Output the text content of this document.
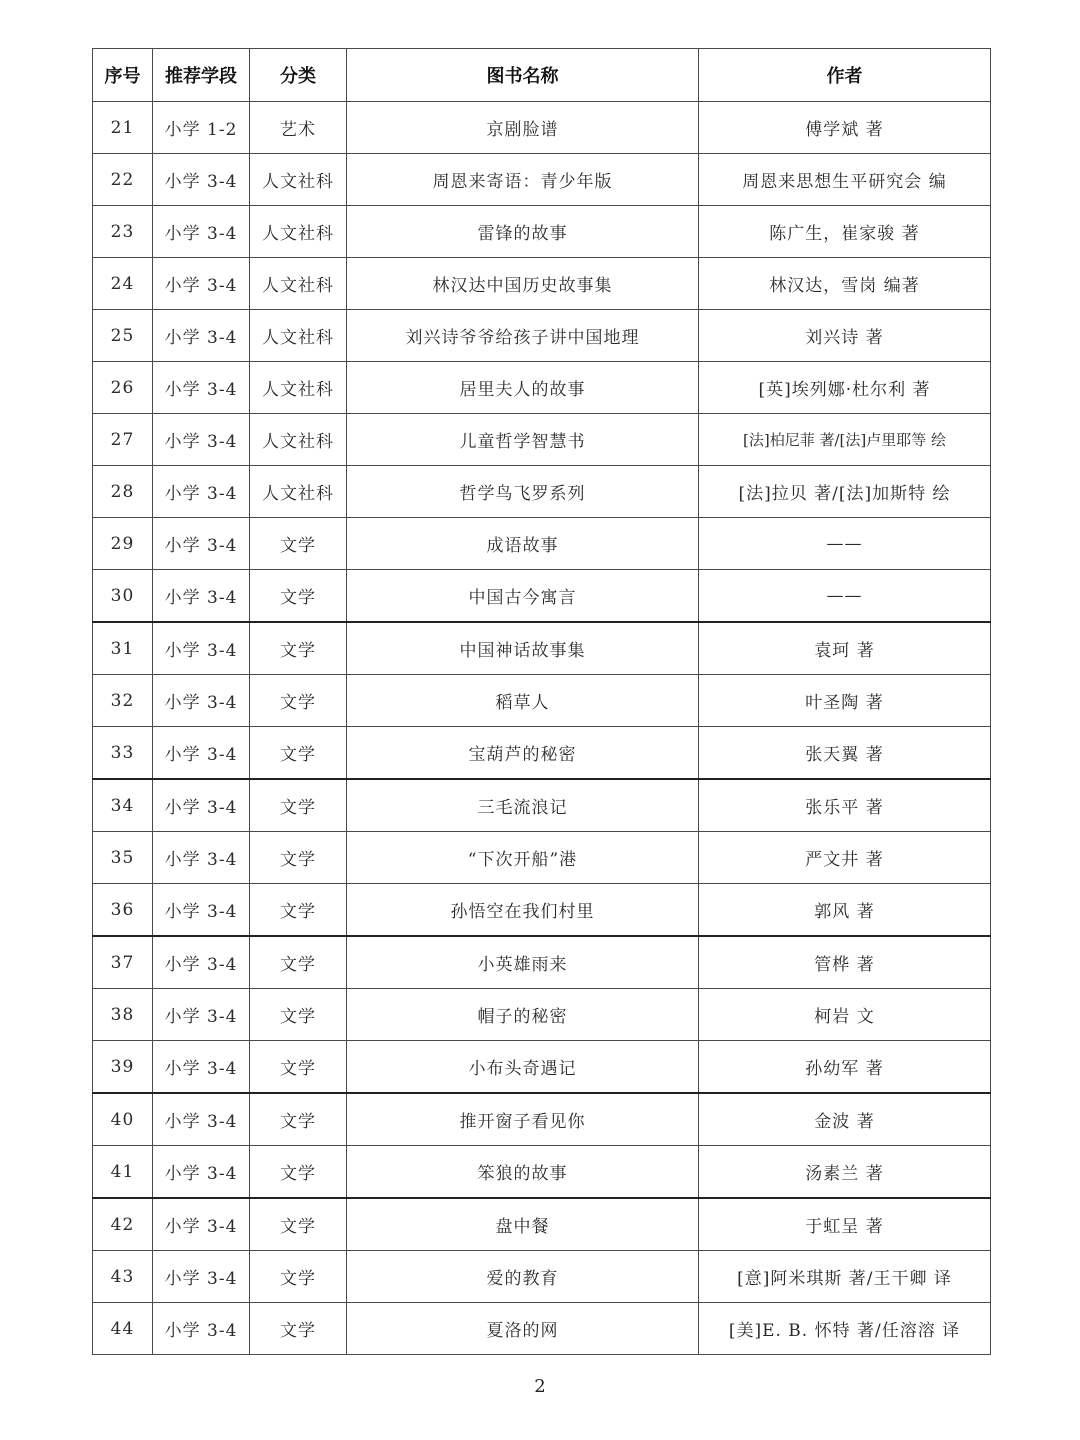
序号	推荐学段	分类	图书名称	作者
21	小学 1-2	艺术	京剧脸谱	傅学斌 著
22	小学 3-4	人文社科	周恩来寄语：青少年版	周恩来思想生平研究会 编
23	小学 3-4	人文社科	雷锋的故事	陈广生，崔家骏 著
24	小学 3-4	人文社科	林汉达中国历史故事集	林汉达，雪岗 编著
25	小学 3-4	人文社科	刘兴诗爷爷给孩子讲中国地理	刘兴诗 著
26	小学 3-4	人文社科	居里夫人的故事	[英]埃列娜·杜尔利 著
27	小学 3-4	人文社科	儿童哲学智慧书	[法]柏尼菲 著/[法]卢里耶等 绘
28	小学 3-4	人文社科	哲学鸟飞罗系列	[法]拉贝 著/[法]加斯特 绘
29	小学 3-4	文学	成语故事	——
30	小学 3-4	文学	中国古今寓言	——
31	小学 3-4	文学	中国神话故事集	袁珂 著
32	小学 3-4	文学	稻草人	叶圣陶 著
33	小学 3-4	文学	宝葫芦的秘密	张天翼 著
34	小学 3-4	文学	三毛流浪记	张乐平 著
35	小学 3-4	文学	“下次开船”港	严文井 著
36	小学 3-4	文学	孙悟空在我们村里	郭风 著
37	小学 3-4	文学	小英雄雨来	管桦 著
38	小学 3-4	文学	帽子的秘密	柯岩 文
39	小学 3-4	文学	小布头奇遇记	孙幼军 著
40	小学 3-4	文学	推开窗子看见你	金波 著
41	小学 3-4	文学	笨狼的故事	汤素兰 著
42	小学 3-4	文学	盘中餐	于虹呈 著
43	小学 3-4	文学	爱的教育	[意]阿米琪斯 著/王干卿 译
44	小学 3-4	文学	夏洛的网	[美]E. B. 怀特 著/任溶溶 译
2
